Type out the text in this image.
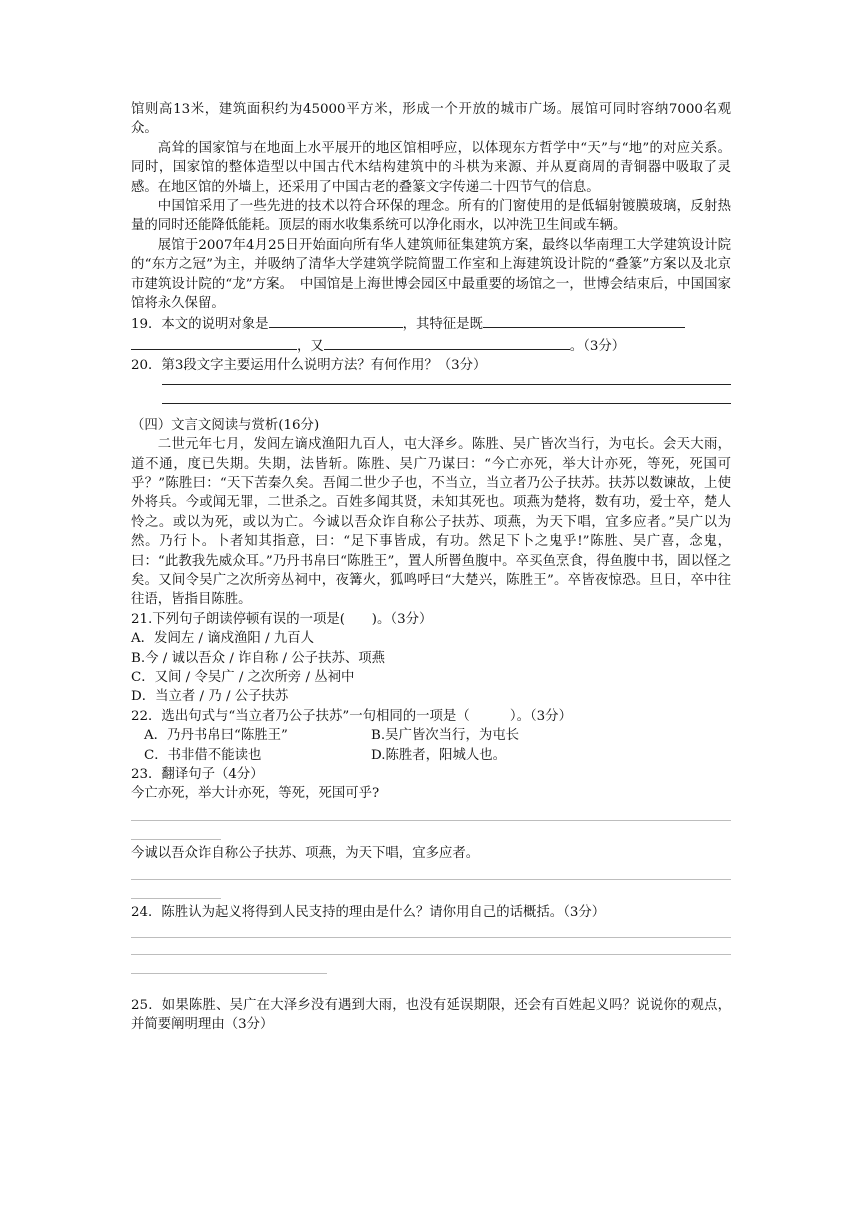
馆则高13米，建筑面积约为45000平方米，形成一个开放的城市广场。展馆可同时容纳7000名观众。

高耸的国家馆与在地面上水平展开的地区馆相呼应，以体现东方哲学中“天”与“地”的对应关系。同时，国家馆的整体造型以中国古代木结构建筑中的斗栱为来源、并从夏商周的青铜器中吸取了灵感。在地区馆的外墙上，还采用了中国古老的叠篆文字传递二十四节气的信息。

中国馆采用了一些先进的技术以符合环保的理念。所有的门窗使用的是低辐射镀膜玻璃，反射热量的同时还能降低能耗。顶层的雨水收集系统可以净化雨水，以冲洗卫生间或车辆。

展馆于2007年4月25日开始面向所有华人建筑师征集建筑方案，最终以华南理工大学建筑设计院的“东方之冠”为主，并吸纳了清华大学建筑学院简盟工作室和上海建筑设计院的“叠篆”方案以及北京市建筑设计院的“龙”方案。　中国馆是上海世博会园区中最重要的场馆之一，世博会结束后，中国国家馆将永久保留。

19．本文的说明对象是	，其特征是既
，又	。（3分）

20．第3段文字主要运用什么说明方法？有何作用？（3分）

（四）文言文阅读与赏析(16分)

二世元年七月，发闾左谪戍渔阳九百人，屯大泽乡。陈胜、吴广皆次当行，为屯长。会天大雨，道不通，度已失期。失期，法皆斩。陈胜、吴广乃谋曰：“今亡亦死，举大计亦死，等死，死国可乎？”陈胜曰：“天下苦秦久矣。吾闻二世少子也，不当立，当立者乃公子扶苏。扶苏以数谏故，上使外将兵。今或闻无罪，二世杀之。百姓多闻其贤，未知其死也。项燕为楚将，数有功，爱士卒，楚人怜之。或以为死，或以为亡。今诚以吾众诈自称公子扶苏、项燕，为天下唱，宜多应者。”吴广以为然。乃行卜。卜者知其指意，曰：“足下事皆成，有功。然足下卜之鬼乎!”陈胜、吴广喜，念鬼，曰：“此教我先威众耳。”乃丹书帛曰“陈胜王”，置人所罾鱼腹中。卒买鱼烹食，得鱼腹中书，固以怪之矣。又间令吴广之次所旁丛祠中，夜篝火，狐鸣呼曰“大楚兴，陈胜王”。卒皆夜惊恐。旦日，卒中往往语，皆指目陈胜。

21.下列句子朗读停顿有误的一项是(　　)。（3分）

A．发闾左 / 谪戍渔阳 / 九百人

B.今 / 诚以吾众 / 诈自称 / 公子扶苏、项燕

C．又间 / 令吴广 / 之次所旁 / 丛祠中

D．当立者 / 乃 / 公子扶苏

22．选出句式与“当立者乃公子扶苏”一句相同的一项是（　　　）。（3分）

A．乃丹书帛曰“陈胜王”	B.吴广皆次当行，为屯长
C．书非借不能读也	D.陈胜者，阳城人也。

23．翻译句子（4分）

今亡亦死，举大计亦死，等死，死国可乎?

今诚以吾众诈自称公子扶苏、项燕，为天下唱，宜多应者。

24．陈胜认为起义将得到人民支持的理由是什么？请你用自己的话概括。（3分）

25．如果陈胜、吴广在大泽乡没有遇到大雨，也没有延误期限，还会有百姓起义吗？说说你的观点，并简要阐明理由（3分）
